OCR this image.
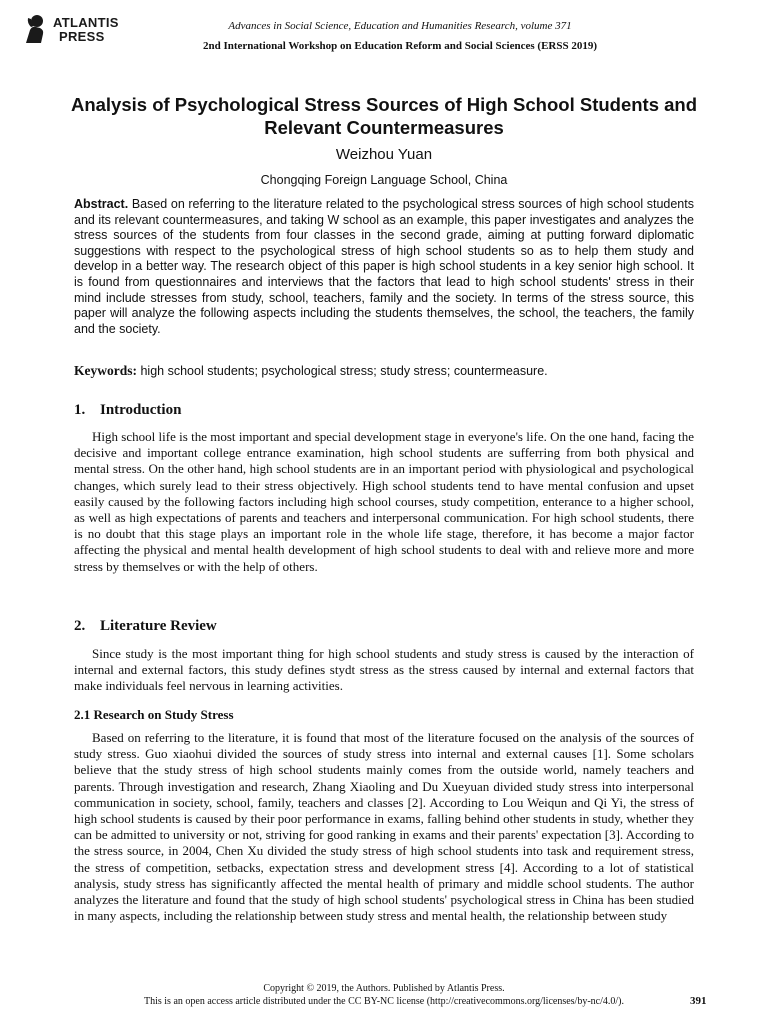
ATLANTIS
PRESS
Advances in Social Science, Education and Humanities Research, volume 371
2nd International Workshop on Education Reform and Social Sciences (ERSS 2019)
Analysis of Psychological Stress Sources of High School Students and Relevant Countermeasures
Weizhou Yuan
Chongqing Foreign Language School, China

Abstract. Based on referring to the literature related to the psychological stress sources of high school students and its relevant countermeasures, and taking W school as an example, this paper investigates and analyzes the stress sources of the students from four classes in the second grade, aiming at putting forward diplomatic suggestions with respect to the psychological stress of high school students so as to help them study and develop in a better way. The research object of this paper is high school students in a key senior high school. It is found from questionnaires and interviews that the factors that lead to high school students' stress in their mind include stresses from study, school, teachers, family and the society. In terms of the stress source, this paper will analyze the following aspects including the students themselves, the school, the teachers, the family and the society.

Keywords: high school students; psychological stress; study stress; countermeasure.
1. Introduction

High school life is the most important and special development stage in everyone's life. On the one hand, facing the decisive and important college entrance examination, high school students are sufferring from both physical and mental stress. On the other hand, high school students are in an important period with physiological and psychological changes, which surely lead to their stress objectively. High school students tend to have mental confusion and upset easily caused by the following factors including high school courses, study competition, enterance to a higher school, as well as high expectations of parents and teachers and interpersonal communication. For high school students, there is no doubt that this stage plays an important role in the whole life stage, therefore, it has become a major factor affecting the physical and mental health development of high school students to deal with and relieve more and more stress by themselves or with the help of others.

2. Literature Review

Since study is the most important thing for high school students and study stress is caused by the interaction of internal and external factors, this study defines stydt stress as the stress caused by internal and external factors that make individuals feel nervous in learning activities.

2.1 Research on Study Stress

Based on referring to the literature, it is found that most of the literature focused on the analysis of the sources of study stress. Guo xiaohui divided the sources of study stress into internal and external causes [1]. Some scholars believe that the study stress of high school students mainly comes from the outside world, namely teachers and parents. Through investigation and research, Zhang Xiaoling and Du Xueyuan divided study stress into interpersonal communication in society, school, family, teachers and classes [2]. According to Lou Weiqun and Qi Yi, the stress of high school students is caused by their poor performance in exams, falling behind other students in study, whether they can be admitted to university or not, striving for good ranking in exams and their parents' expectation [3]. According to the stress source, in 2004, Chen Xu divided the study stress of high school students into task and requirement stress, the stress of competition, setbacks, expectation stress and development stress [4]. According to a lot of statistical analysis, study stress has significantly affected the mental health of primary and middle school students. The author analyzes the literature and found that the study of high school students' psychological stress in China has been studied in many aspects, including the relationship between study stress and mental health, the relationship between study

Copyright © 2019, the Authors. Published by Atlantis Press.
This is an open access article distributed under the CC BY-NC license (http://creativecommons.org/licenses/by-nc/4.0/).	391
